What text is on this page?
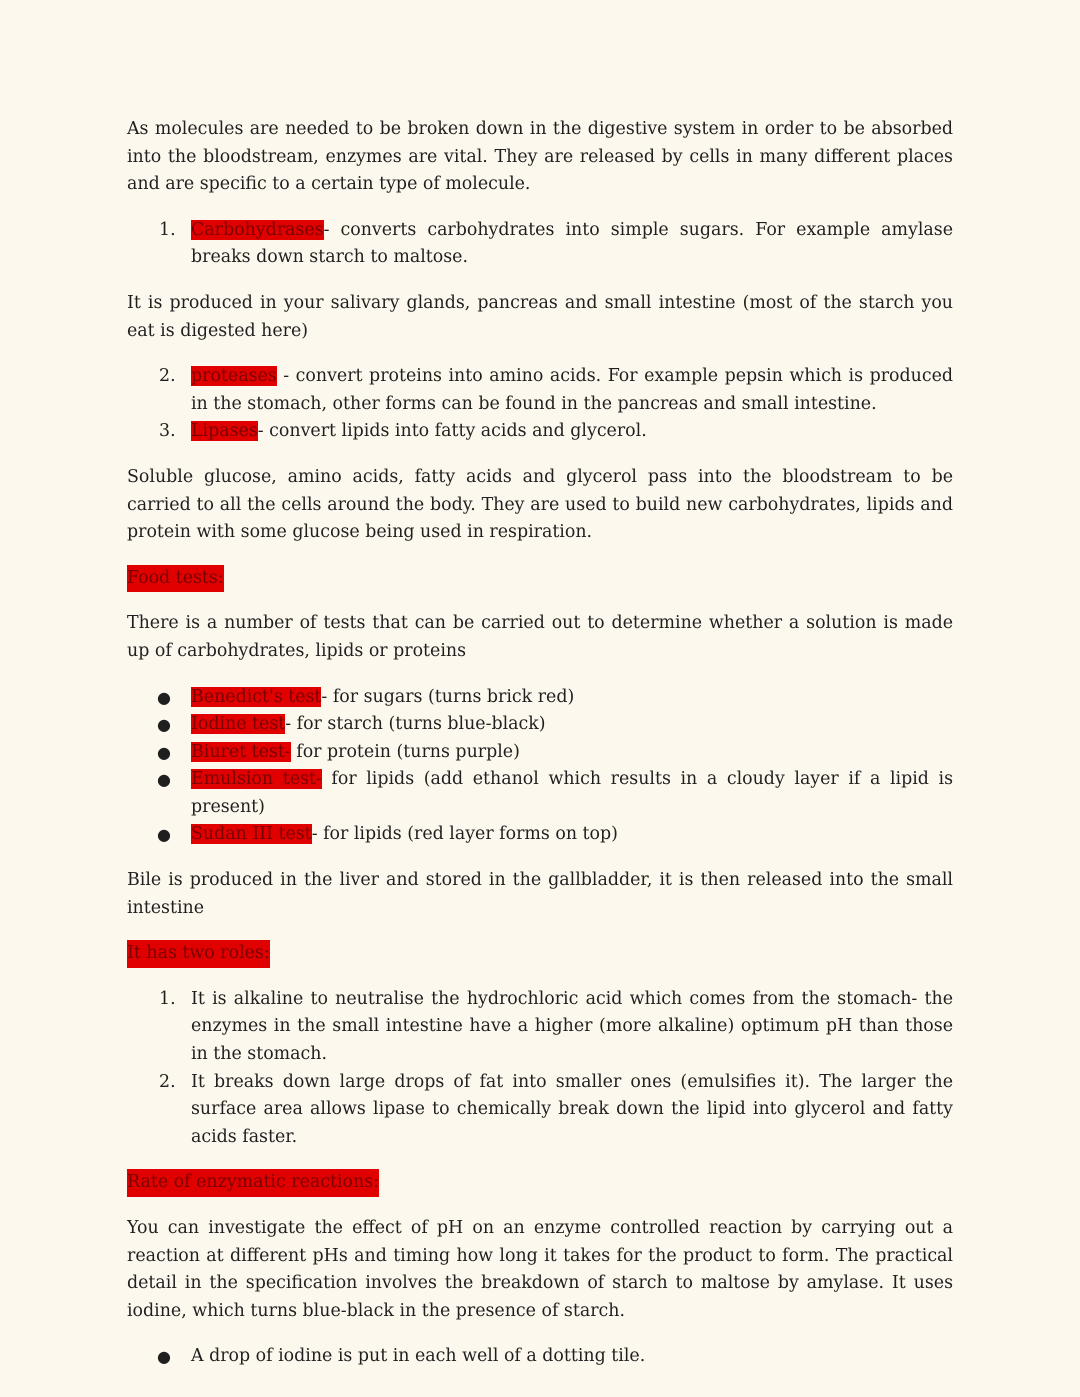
As molecules are needed to be broken down in the digestive system in order to be absorbed into the bloodstream, enzymes are vital. They are released by cells in many different places and are specific to a certain type of molecule.

1. Carbohydrases- converts carbohydrates into simple sugars. For example amylase breaks down starch to maltose.

It is produced in your salivary glands, pancreas and small intestine (most of the starch you eat is digested here)

2. proteases - convert proteins into amino acids. For example pepsin which is produced in the stomach, other forms can be found in the pancreas and small intestine.
3. Lipases- convert lipids into fatty acids and glycerol.

Soluble glucose, amino acids, fatty acids and glycerol pass into the bloodstream to be carried to all the cells around the body. They are used to build new carbohydrates, lipids and protein with some glucose being used in respiration.

Food tests:

There is a number of tests that can be carried out to determine whether a solution is made up of carbohydrates, lipids or proteins

● Benedict's test- for sugars (turns brick red)
● Iodine test- for starch (turns blue-black)
● Biuret test- for protein (turns purple)
● Emulsion test- for lipids (add ethanol which results in a cloudy layer if a lipid is present)
● Sudan III test- for lipids (red layer forms on top)

Bile is produced in the liver and stored in the gallbladder, it is then released into the small intestine

It has two roles:

1. It is alkaline to neutralise the hydrochloric acid which comes from the stomach- the enzymes in the small intestine have a higher (more alkaline) optimum pH than those in the stomach.
2. It breaks down large drops of fat into smaller ones (emulsifies it). The larger the surface area allows lipase to chemically break down the lipid into glycerol and fatty acids faster.

Rate of enzymatic reactions:

You can investigate the effect of pH on an enzyme controlled reaction by carrying out a reaction at different pHs and timing how long it takes for the product to form. The practical detail in the specification involves the breakdown of starch to maltose by amylase. It uses iodine, which turns blue-black in the presence of starch.

● A drop of iodine is put in each well of a dotting tile.
